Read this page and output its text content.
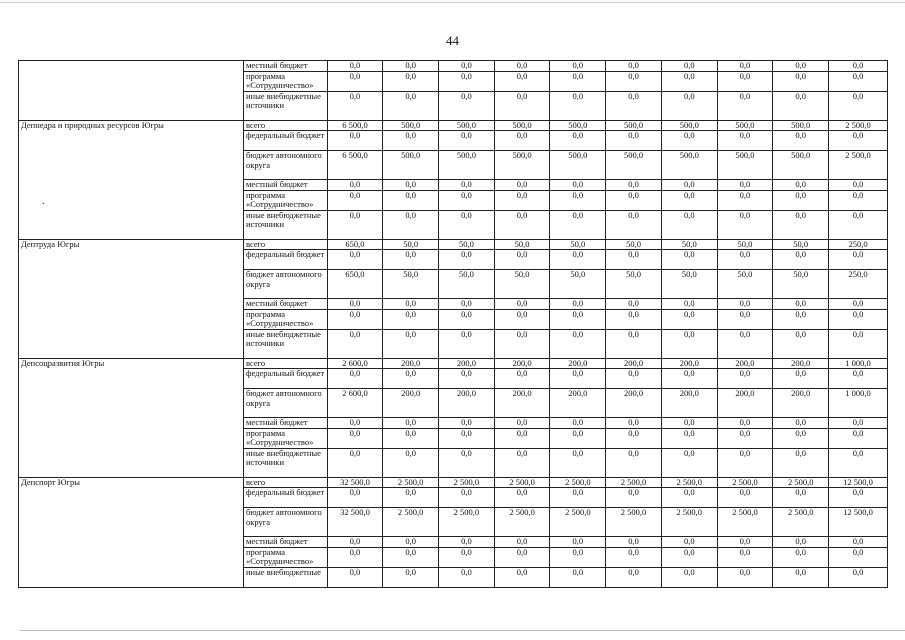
44
.
	местный бюджет	0,0	0,0	0,0	0,0	0,0	0,0	0,0	0,0	0,0	0,0
	программа «Сотрудничество»	0,0	0,0	0,0	0,0	0,0	0,0	0,0	0,0	0,0	0,0
	иные внебюджетные источники	0,0	0,0	0,0	0,0	0,0	0,0	0,0	0,0	0,0	0,0
Депнедра и природных ресурсов Югры	всего	6 500,0	500,0	500,0	500,0	500,0	500,0	500,0	500,0	500,0	2 500,0
	федеральный бюджет	0,0	0,0	0,0	0,0	0,0	0,0	0,0	0,0	0,0	0,0
	бюджет автономного округа	6 500,0	500,0	500,0	500,0	500,0	500,0	500,0	500,0	500,0	2 500,0
	местный бюджет	0,0	0,0	0,0	0,0	0,0	0,0	0,0	0,0	0,0	0,0
	программа «Сотрудничество»	0,0	0,0	0,0	0,0	0,0	0,0	0,0	0,0	0,0	0,0
	иные внебюджетные источники	0,0	0,0	0,0	0,0	0,0	0,0	0,0	0,0	0,0	0,0
Дептруда Югры	всего	650,0	50,0	50,0	50,0	50,0	50,0	50,0	50,0	50,0	250,0
	федеральный бюджет	0,0	0,0	0,0	0,0	0,0	0,0	0,0	0,0	0,0	0,0
	бюджет автономного округа	650,0	50,0	50,0	50,0	50,0	50,0	50,0	50,0	50,0	250,0
	местный бюджет	0,0	0,0	0,0	0,0	0,0	0,0	0,0	0,0	0,0	0,0
	программа «Сотрудничество»	0,0	0,0	0,0	0,0	0,0	0,0	0,0	0,0	0,0	0,0
	иные внебюджетные источники	0,0	0,0	0,0	0,0	0,0	0,0	0,0	0,0	0,0	0,0
Депсоцразвития Югры	всего	2 600,0	200,0	200,0	200,0	200,0	200,0	200,0	200,0	200,0	1 000,0
	федеральный бюджет	0,0	0,0	0,0	0,0	0,0	0,0	0,0	0,0	0,0	0,0
	бюджет автономного округа	2 600,0	200,0	200,0	200,0	200,0	200,0	200,0	200,0	200,0	1 000,0
	местный бюджет	0,0	0,0	0,0	0,0	0,0	0,0	0,0	0,0	0,0	0,0
	программа «Сотрудничество»	0,0	0,0	0,0	0,0	0,0	0,0	0,0	0,0	0,0	0,0
	иные внебюджетные источники	0,0	0,0	0,0	0,0	0,0	0,0	0,0	0,0	0,0	0,0
Депспорт Югры	всего	32 500,0	2 500,0	2 500,0	2 500,0	2 500,0	2 500,0	2 500,0	2 500,0	2 500,0	12 500,0
	федеральный бюджет	0,0	0,0	0,0	0,0	0,0	0,0	0,0	0,0	0,0	0,0
	бюджет автономного округа	32 500,0	2 500,0	2 500,0	2 500,0	2 500,0	2 500,0	2 500,0	2 500,0	2 500,0	12 500,0
	местный бюджет	0,0	0,0	0,0	0,0	0,0	0,0	0,0	0,0	0,0	0,0
	программа «Сотрудничество»	0,0	0,0	0,0	0,0	0,0	0,0	0,0	0,0	0,0	0,0
	иные внебюджетные	0,0	0,0	0,0	0,0	0,0	0,0	0,0	0,0	0,0	0,0
